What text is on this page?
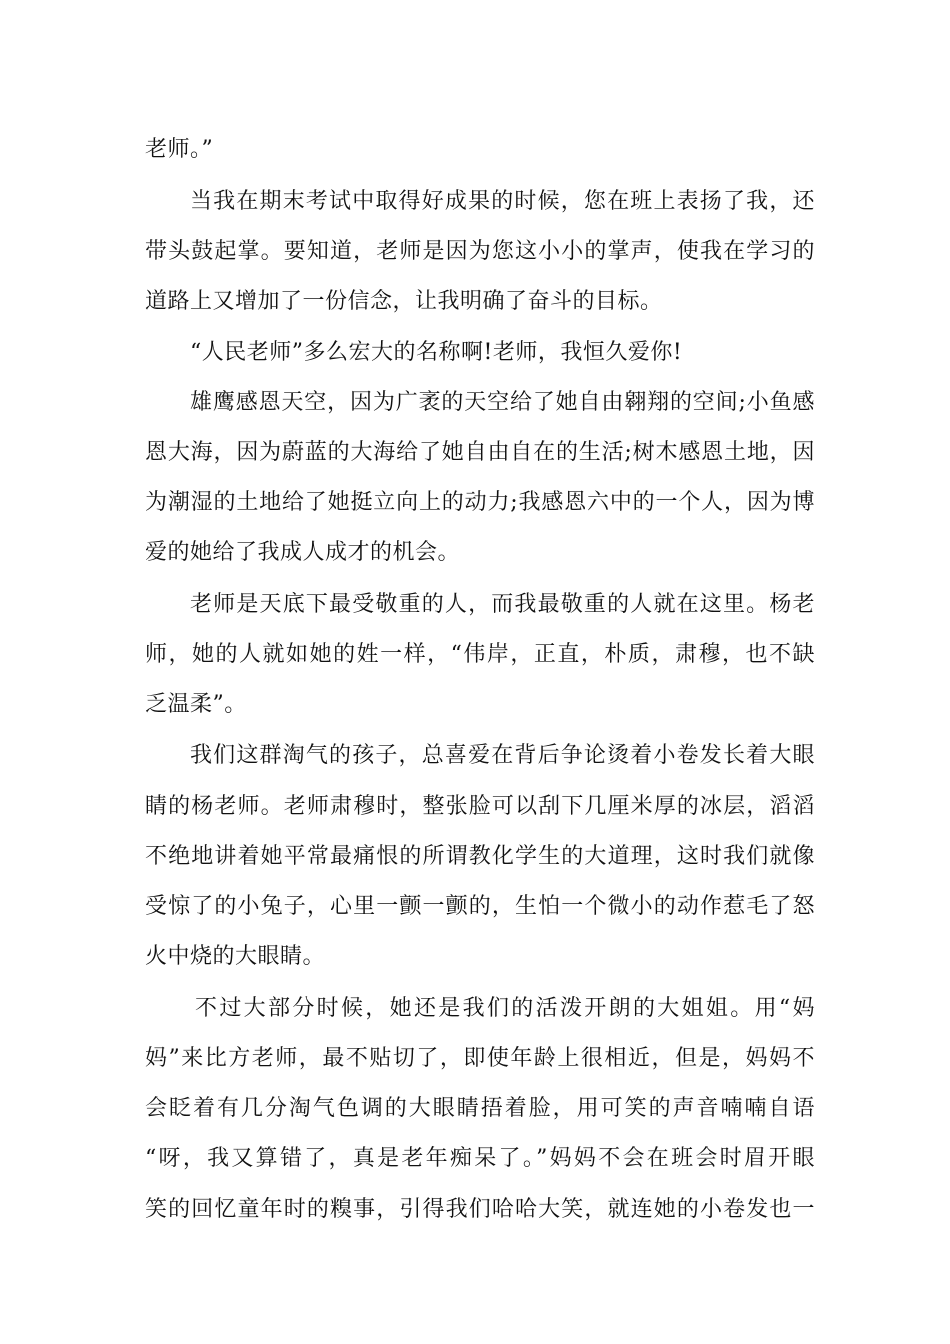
老师。”
当我在期末考试中取得好成果的时候，您在班上表扬了我，还
带头鼓起掌。要知道，老师是因为您这小小的掌声，使我在学习的
道路上又增加了一份信念，让我明确了奋斗的目标。
“人民老师”多么宏大的名称啊!老师，我恒久爱你!
雄鹰感恩天空，因为广袤的天空给了她自由翱翔的空间;小鱼感
恩大海，因为蔚蓝的大海给了她自由自在的生活;树木感恩土地，因
为潮湿的土地给了她挺立向上的动力;我感恩六中的一个人，因为博
爱的她给了我成人成才的机会。
老师是天底下最受敬重的人，而我最敬重的人就在这里。杨老
师，她的人就如她的姓一样，“伟岸，正直，朴质，肃穆，也不缺
乏温柔”。
我们这群淘气的孩子，总喜爱在背后争论烫着小卷发长着大眼
睛的杨老师。老师肃穆时，整张脸可以刮下几厘米厚的冰层，滔滔
不绝地讲着她平常最痛恨的所谓教化学生的大道理，这时我们就像
受惊了的小兔子，心里一颤一颤的，生怕一个微小的动作惹毛了怒
火中烧的大眼睛。
不过大部分时候，她还是我们的活泼开朗的大姐姐。用“妈
妈”来比方老师，最不贴切了，即使年龄上很相近，但是，妈妈不
会眨着有几分淘气色调的大眼睛捂着脸，用可笑的声音喃喃自语
“呀，我又算错了，真是老年痴呆了。”妈妈不会在班会时眉开眼
笑的回忆童年时的糗事，引得我们哈哈大笑，就连她的小卷发也一
